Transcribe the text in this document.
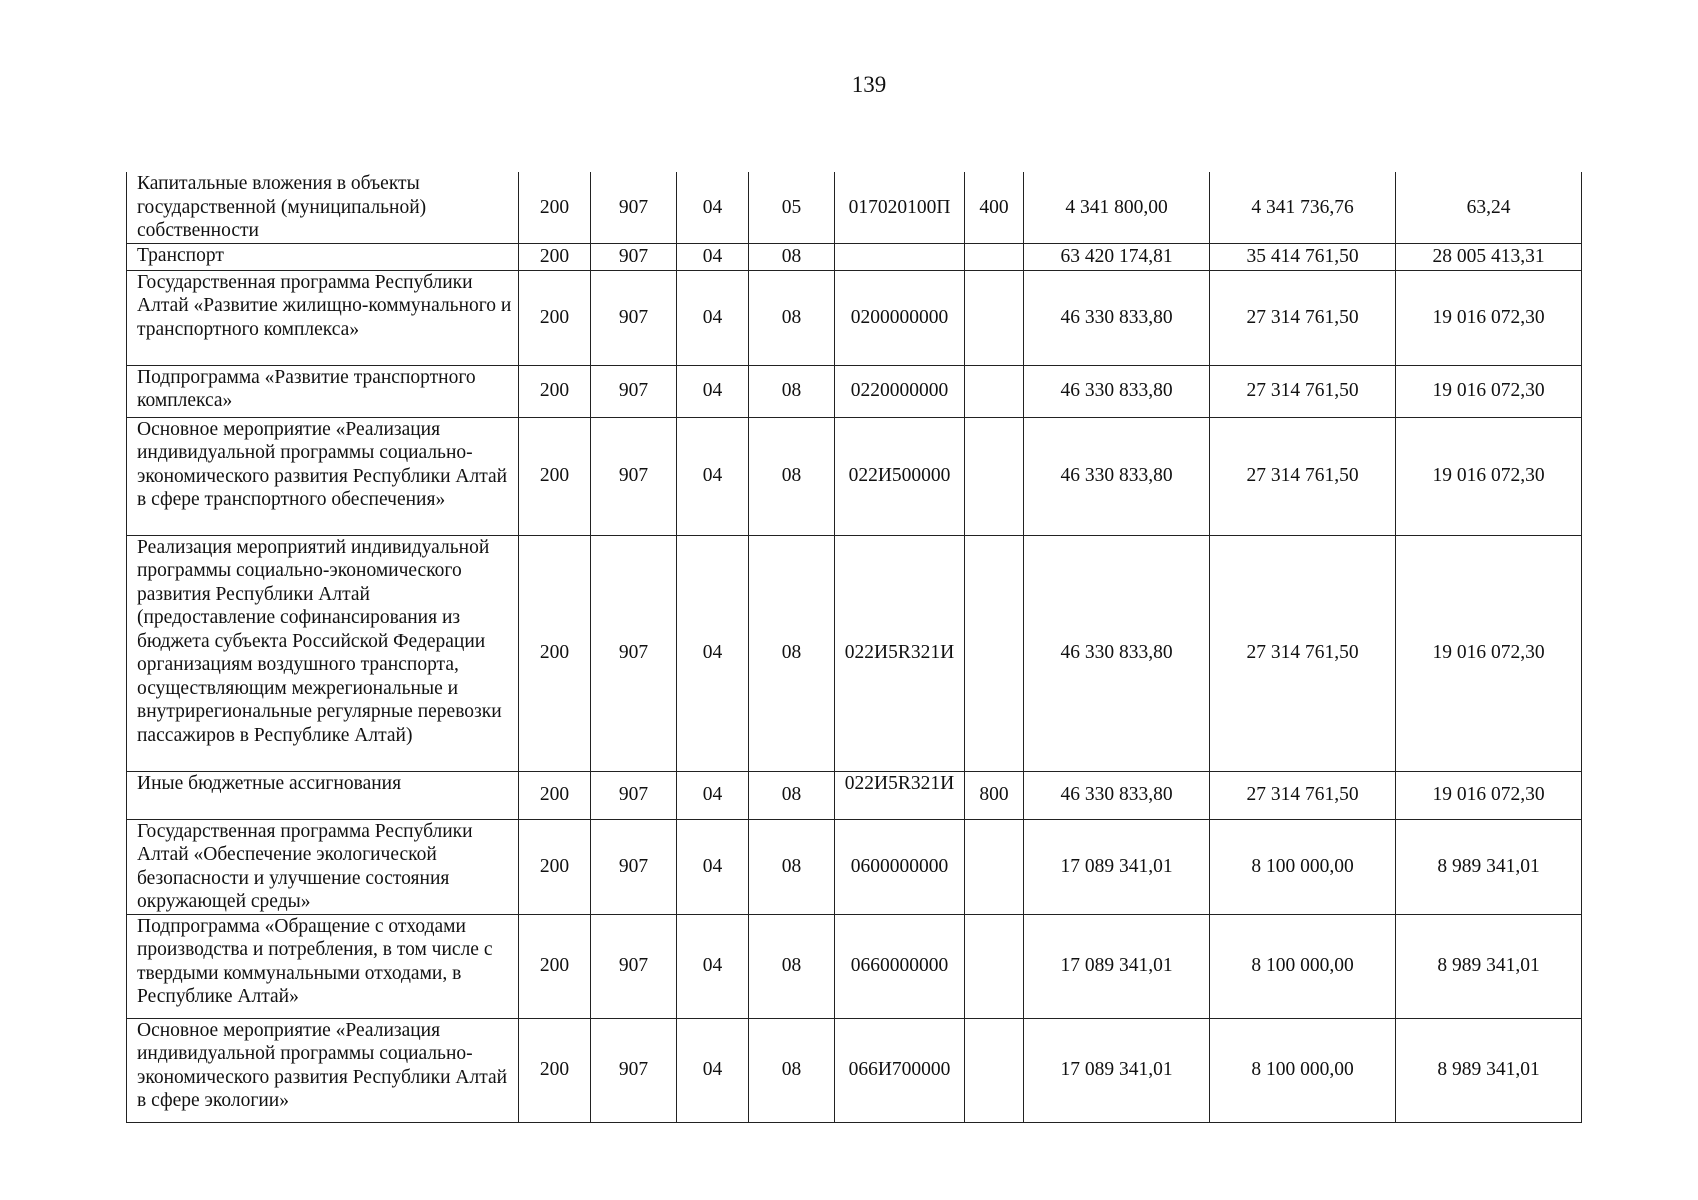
139
Капитальные вложения в объекты государственной (муниципальной) собственности	200	907	04	05	017020100П	400	4 341 800,00	4 341 736,76	63,24
Транспорт	200	907	04	08			63 420 174,81	35 414 761,50	28 005 413,31
Государственная программа Республики Алтай «Развитие жилищно-коммунального и транспортного комплекса»	200	907	04	08	0200000000		46 330 833,80	27 314 761,50	19 016 072,30
Подпрограмма «Развитие транспортного комплекса»	200	907	04	08	0220000000		46 330 833,80	27 314 761,50	19 016 072,30
Основное мероприятие «Реализация индивидуальной программы социально-экономического развития Республики Алтай в сфере транспортного обеспечения»	200	907	04	08	022И500000		46 330 833,80	27 314 761,50	19 016 072,30
Реализация мероприятий индивидуальной программы социально-экономического развития Республики Алтай (предоставление софинансирования из бюджета субъекта Российской Федерации организациям воздушного транспорта, осуществляющим межрегиональные и внутрирегиональные регулярные перевозки пассажиров в Республике Алтай)	200	907	04	08	022И5R321И		46 330 833,80	27 314 761,50	19 016 072,30
Иные бюджетные ассигнования	200	907	04	08	022И5R321И	800	46 330 833,80	27 314 761,50	19 016 072,30
Государственная программа Республики Алтай «Обеспечение экологической безопасности и улучшение состояния окружающей среды»	200	907	04	08	0600000000		17 089 341,01	8 100 000,00	8 989 341,01
Подпрограмма «Обращение с отходами производства и потребления, в том числе с твердыми коммунальными отходами, в Республике Алтай»	200	907	04	08	0660000000		17 089 341,01	8 100 000,00	8 989 341,01
Основное мероприятие «Реализация индивидуальной программы социально-экономического развития Республики Алтай в сфере экологии»	200	907	04	08	066И700000		17 089 341,01	8 100 000,00	8 989 341,01
